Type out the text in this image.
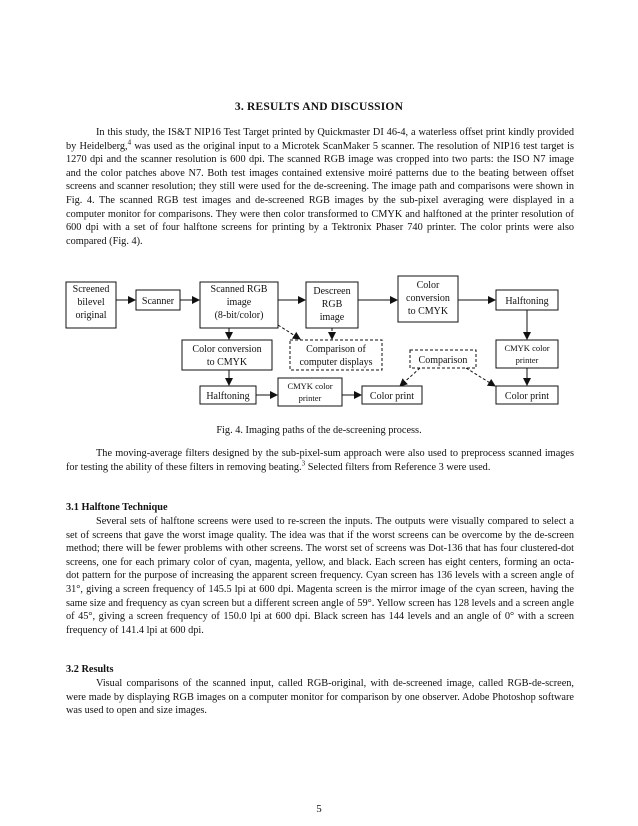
3. RESULTS AND DISCUSSION

In this study, the IS&T NIP16 Test Target printed by Quickmaster DI 46-4, a waterless offset print kindly provided by Heidelberg,$^4$ was used as the original input to a Microtek ScanMaker 5 scanner. The resolution of NIP16 test target is 1270 dpi and the scanner resolution is 600 dpi. The scanned RGB image was cropped into two parts: the ISO N7 image and the color patches above N7. Both test images contained extensive moiré patterns due to the beating between offset screens and scanner resolution; they still were used for the de-screening. The image path and comparisons were shown in Fig. 4. The scanned RGB test images and de-screened RGB images by the sub-pixel averaging were displayed in a computer monitor for comparisons. They were then color transformed to CMYK and halftoned at the printer resolution of 600 dpi with a set of four halftone screens for printing by a Tektronix Phaser 740 printer. The color prints were also compared (Fig. 4).

Screened
bilevel
original
Scanner
Scanned RGB
image
(8-bit/color)
Descreen
RGB
image
Color
conversion
to CMYK
Halftoning
Color conversion
to CMYK
Comparison of
computer displays	Comparison
CMYK color
printer
Halftoning
CMYK color
printer	Color print	Color print
Fig. 4. Imaging paths of the de-screening process.

The moving-average filters designed by the sub-pixel-sum approach were also used to preprocess scanned images for testing the ability of these filters in removing beating.$^3$ Selected filters from Reference 3 were used.

3.1 Halftone Technique

Several sets of halftone screens were used to re-screen the inputs. The outputs were visually compared to select a set of screens that gave the worst image quality. The idea was that if the worst screens can be overcome by the de-screen method; there will be fewer problems with other screens. The worst set of screens was Dot-136 that has four clustered-dot screens, one for each primary color of cyan, magenta, yellow, and black. Each screen has eight centers, forming an octa-dot pattern for the purpose of increasing the apparent screen frequency. Cyan screen has 136 levels with a screen angle of 31°, giving a screen frequency of 145.5 lpi at 600 dpi. Magenta screen is the mirror image of the cyan screen, having the same size and frequency as cyan screen but a different screen angle of 59°. Yellow screen has 128 levels and a screen angle of 45°, giving a screen frequency of 150.0 lpi at 600 dpi. Black screen has 144 levels and an angle of 0° with a screen frequency of 141.4 lpi at 600 dpi.

3.2 Results

Visual comparisons of the scanned input, called RGB-original, with de-screened image, called RGB-de-screen, were made by displaying RGB images on a computer monitor for comparison by one observer. Adobe Photoshop software was used to open and size images.

5
